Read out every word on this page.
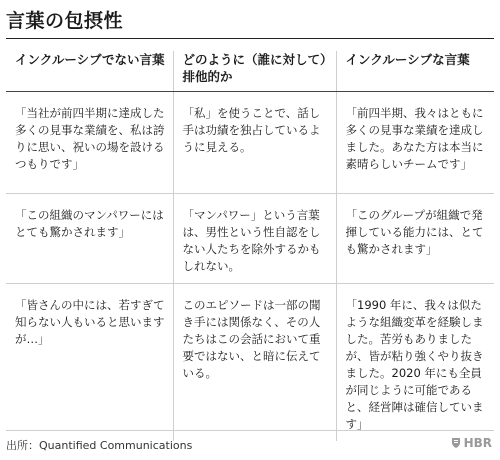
言葉の包摂性
インクルーシブでない言葉	どのように（誰に対して）排他的か	インクルーシブな言葉
「当社が前四半期に達成した多くの見事な業績を、私は誇りに思い、祝いの場を設けるつもりです」	「私」を使うことで、話し手は功績を独占しているように見える。	「前四半期、我々はともに多くの見事な業績を達成しました。あなた方は本当に素晴らしいチームです」
「この組織のマンパワーにはとても驚かされます」	「マンパワー」という言葉は、男性という性自認をしない人たちを除外するかもしれない。	「このグループが組織で発揮している能力には、とても驚かされます」
「皆さんの中には、若すぎて知らない人もいると思いますが…」	このエピソードは一部の聞き手には関係なく、その人たちはこの会話において重要ではない、と暗に伝えている。	「1990 年に、我々は似たような組織変革を経験しました。苦労もありましたが、皆が粘り強くやり抜きました。2020 年にも全員が同じように可能であると、経営陣は確信しています」
出所：Quantified Communications	HBR
